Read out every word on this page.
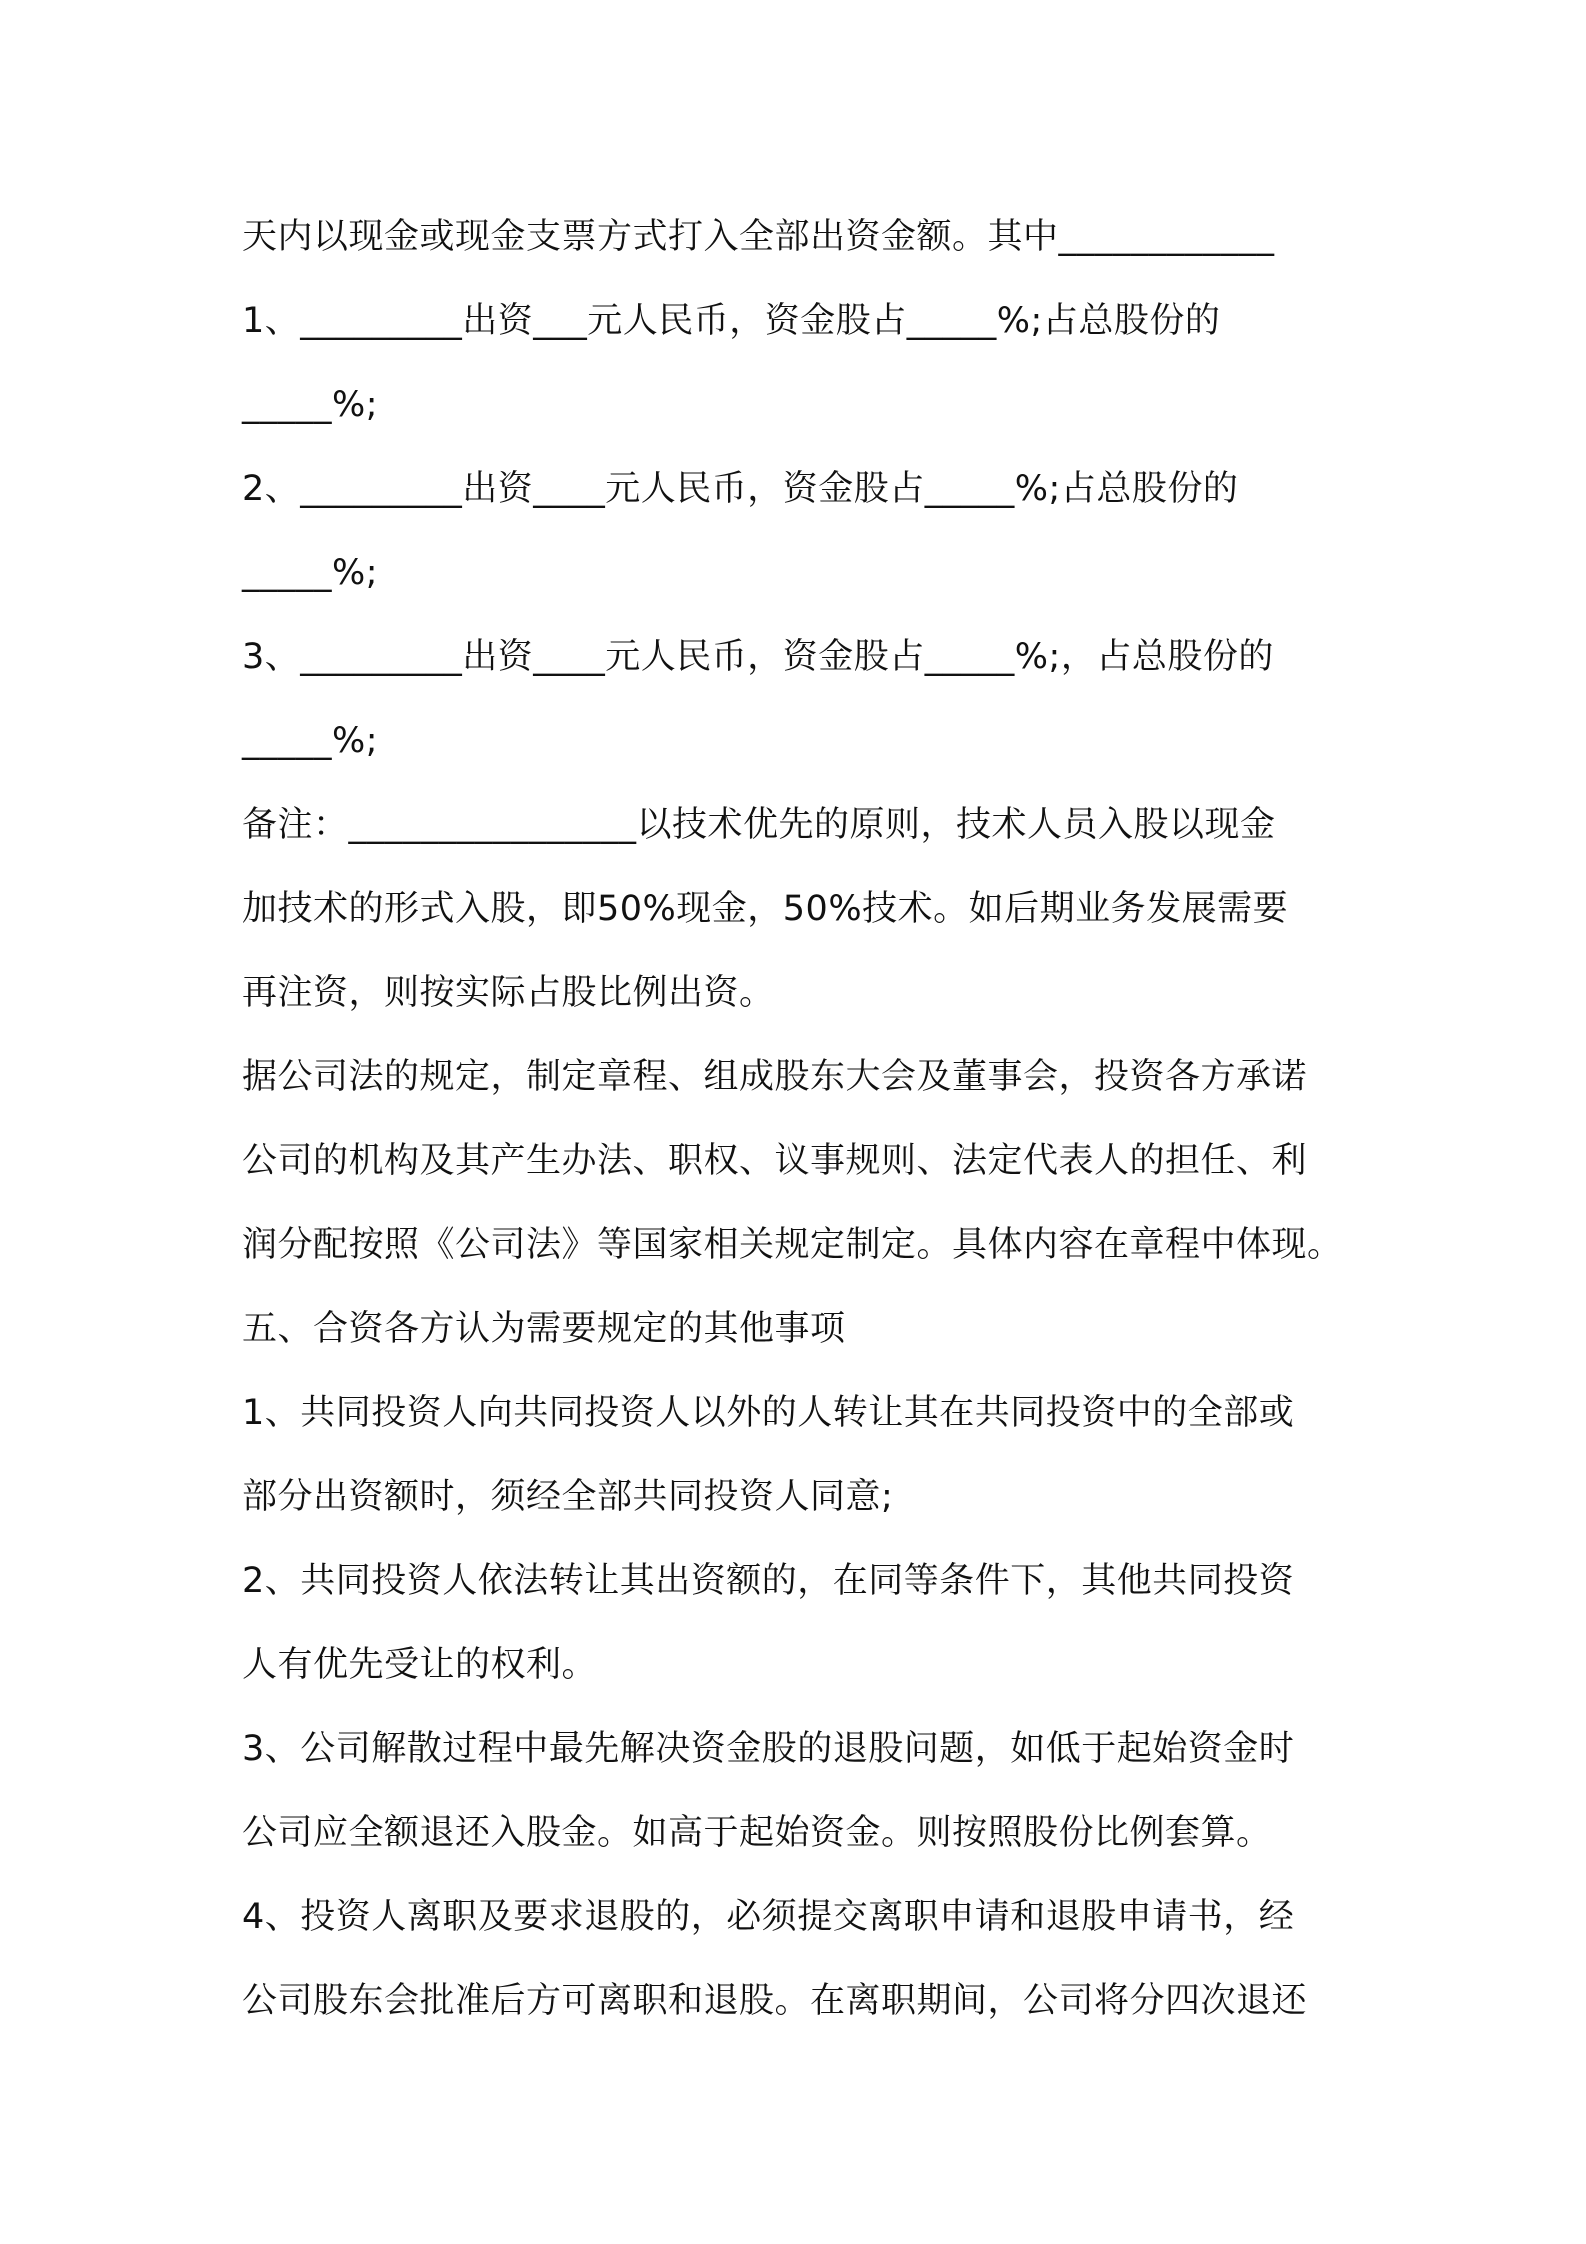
天内以现金或现金支票方式打入全部出资金额。其中____________
1、_________出资___元人民币，资金股占_____%;占总股份的
_____%;
2、_________出资____元人民币，资金股占_____%;占总股份的
_____%;
3、_________出资____元人民币，资金股占_____%;，占总股份的
_____%;
备注：________________以技术优先的原则，技术人员入股以现金
加技术的形式入股，即50%现金，50%技术。如后期业务发展需要
再注资，则按实际占股比例出资。
据公司法的规定，制定章程、组成股东大会及董事会，投资各方承诺
公司的机构及其产生办法、职权、议事规则、法定代表人的担任、利
润分配按照《公司法》等国家相关规定制定。具体内容在章程中体现。
五、合资各方认为需要规定的其他事项
1、共同投资人向共同投资人以外的人转让其在共同投资中的全部或
部分出资额时，须经全部共同投资人同意;
2、共同投资人依法转让其出资额的，在同等条件下，其他共同投资
人有优先受让的权利。
3、公司解散过程中最先解决资金股的退股问题，如低于起始资金时
公司应全额退还入股金。如高于起始资金。则按照股份比例套算。
4、投资人离职及要求退股的，必须提交离职申请和退股申请书，经
公司股东会批准后方可离职和退股。在离职期间，公司将分四次退还
